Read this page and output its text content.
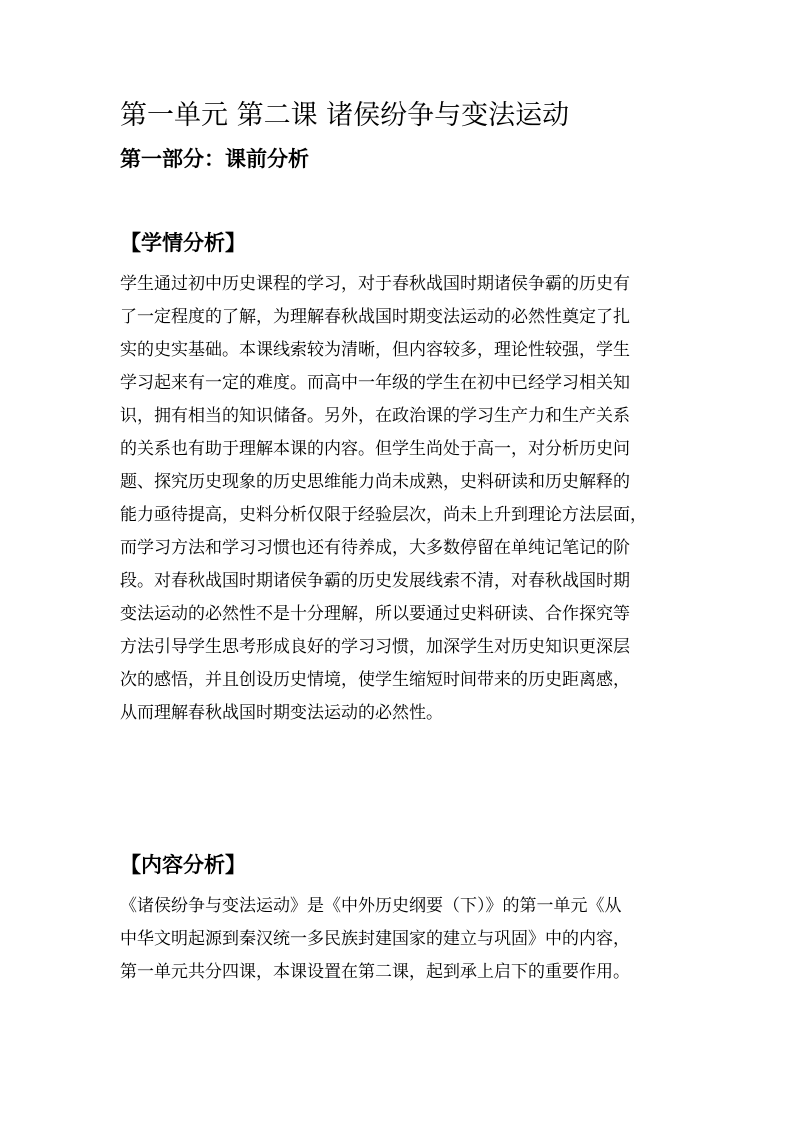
第一单元 第二课 诸侯纷争与变法运动
第一部分：课前分析
【学情分析】
学生通过初中历史课程的学习，对于春秋战国时期诸侯争霸的历史有
了一定程度的了解，为理解春秋战国时期变法运动的必然性奠定了扎
实的史实基础。本课线索较为清晰，但内容较多，理论性较强，学生
学习起来有一定的难度。而高中一年级的学生在初中已经学习相关知
识，拥有相当的知识储备。另外，在政治课的学习生产力和生产关系
的关系也有助于理解本课的内容。但学生尚处于高一，对分析历史问
题、探究历史现象的历史思维能力尚未成熟，史料研读和历史解释的
能力亟待提高，史料分析仅限于经验层次，尚未上升到理论方法层面，
而学习方法和学习习惯也还有待养成，大多数停留在单纯记笔记的阶
段。对春秋战国时期诸侯争霸的历史发展线索不清，对春秋战国时期
变法运动的必然性不是十分理解，所以要通过史料研读、合作探究等
方法引导学生思考形成良好的学习习惯，加深学生对历史知识更深层
次的感悟，并且创设历史情境，使学生缩短时间带来的历史距离感，
从而理解春秋战国时期变法运动的必然性。
【内容分析】
《诸侯纷争与变法运动》是《中外历史纲要（下）》的第一单元《从
中华文明起源到秦汉统一多民族封建国家的建立与巩固》中的内容，
第一单元共分四课，本课设置在第二课，起到承上启下的重要作用。
